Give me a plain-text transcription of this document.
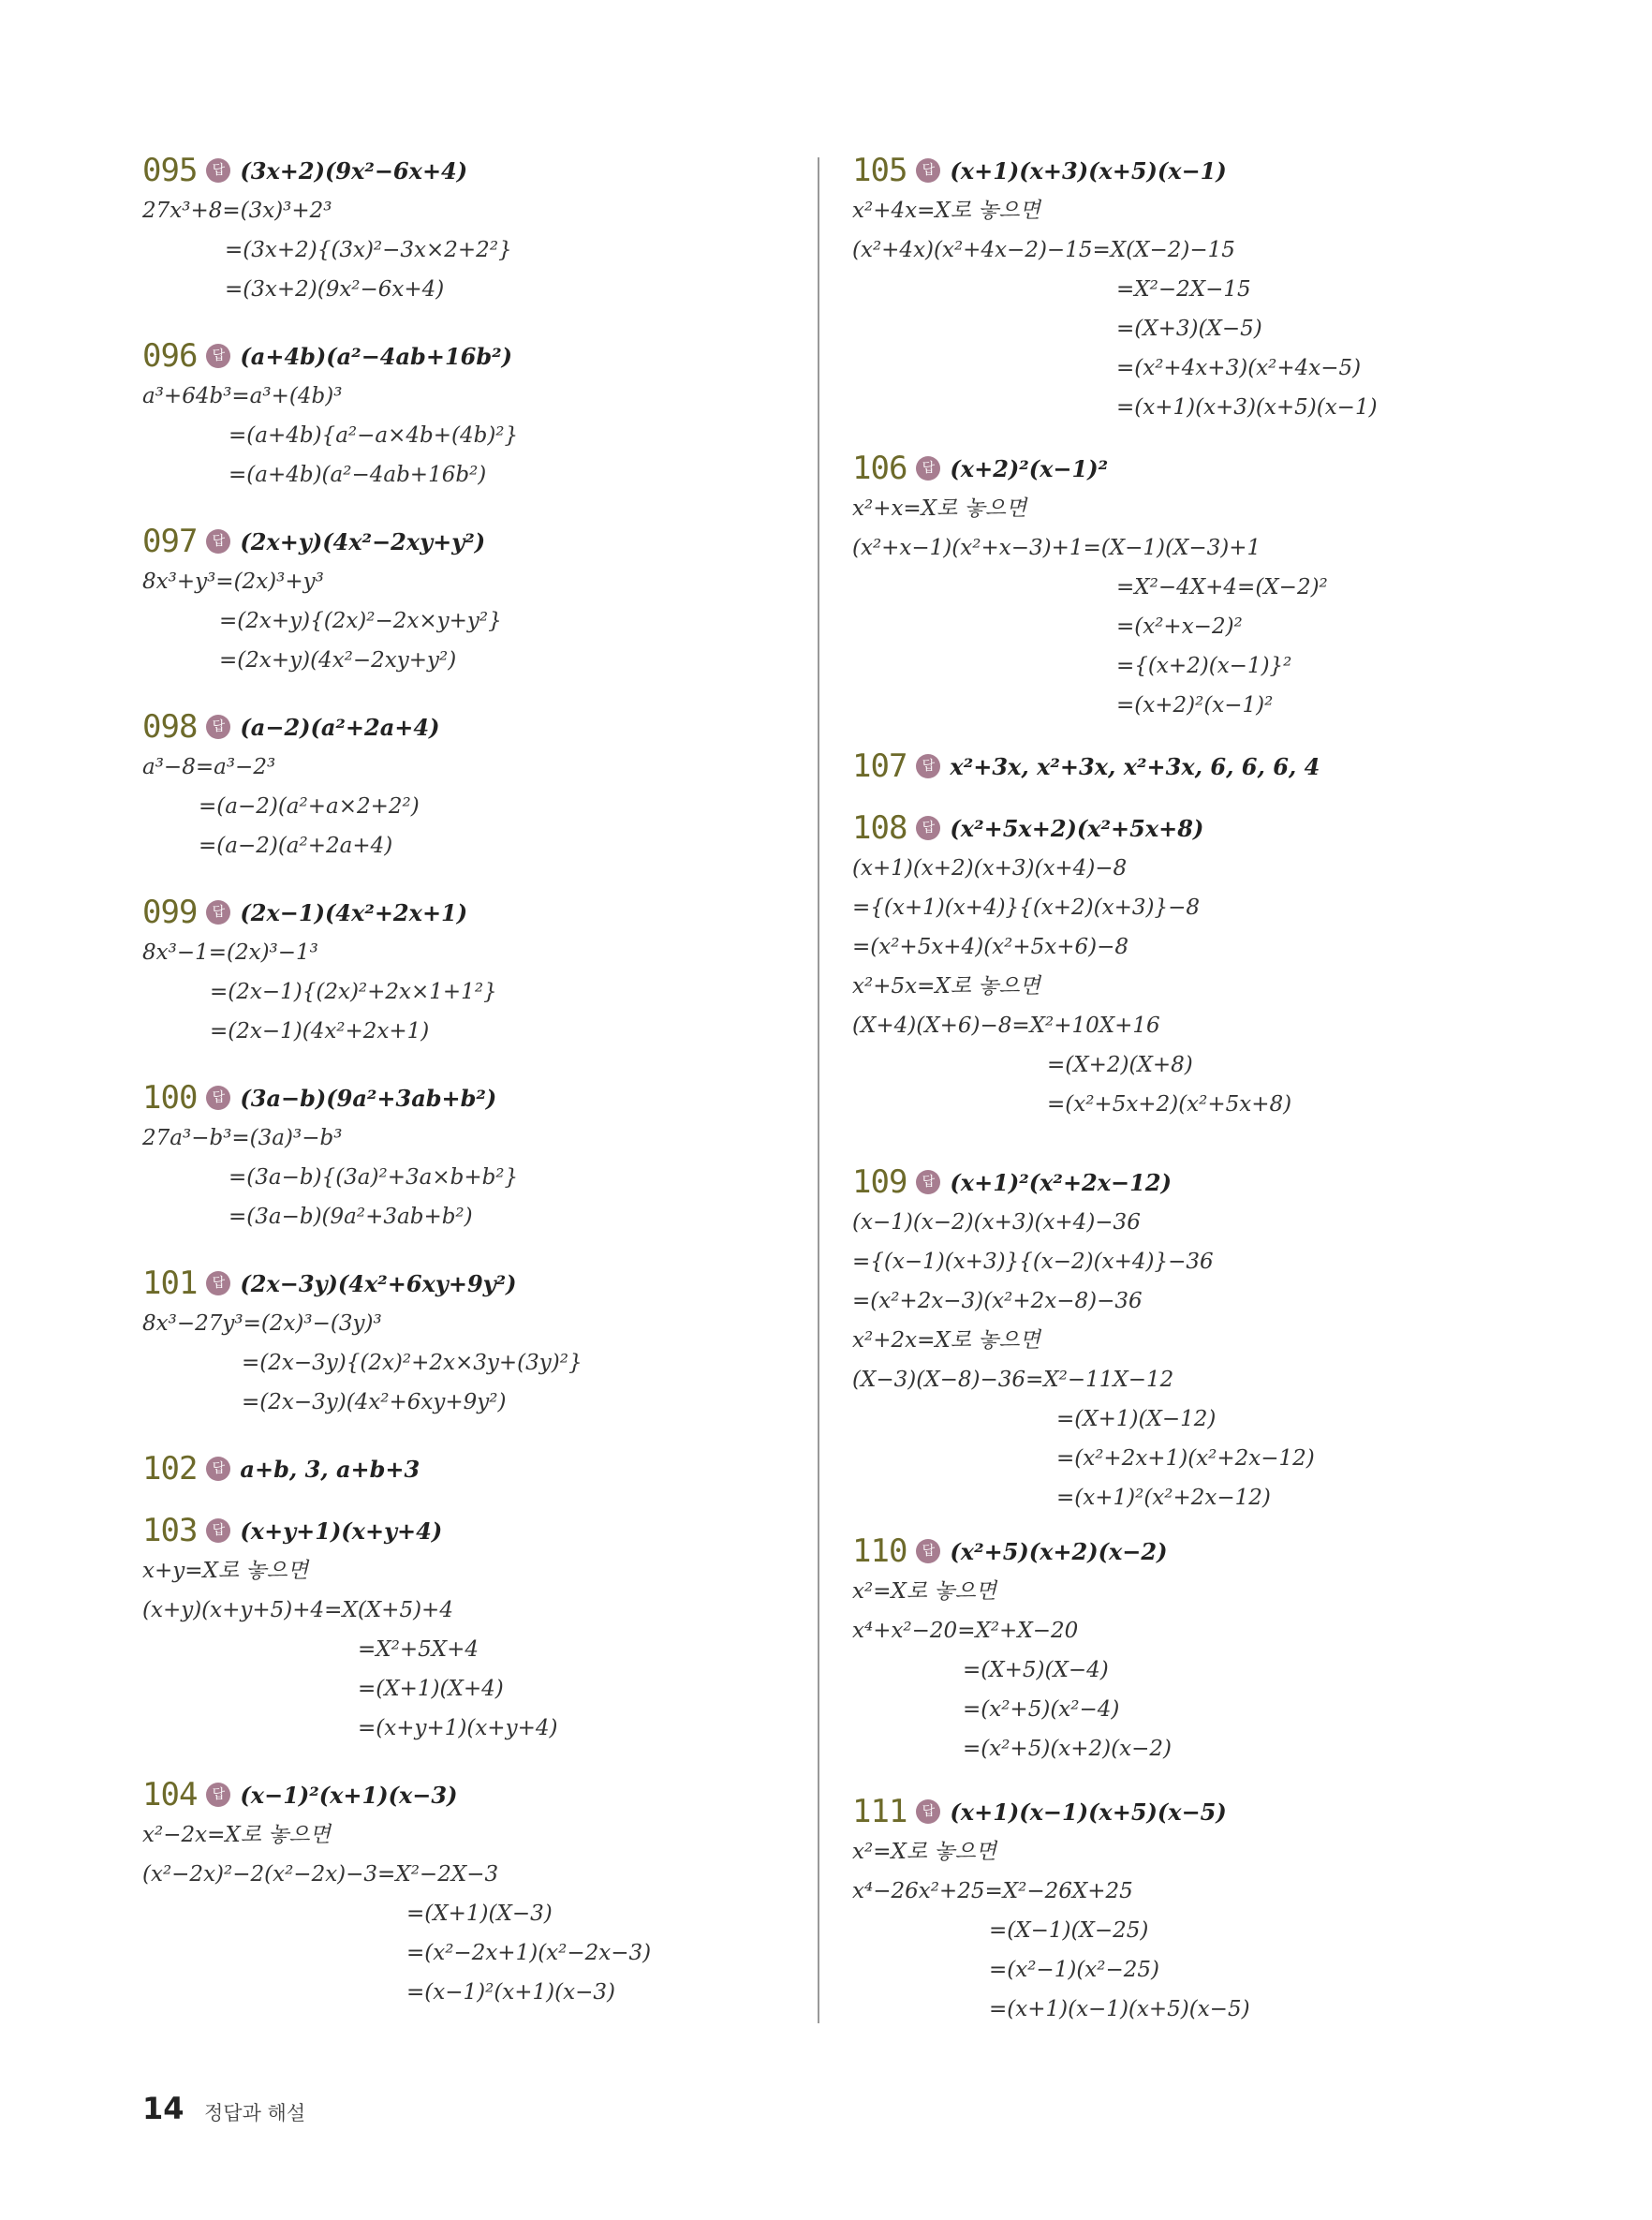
095	답 (3x+2)(9x²−6x+4)
27x³+8=(3x)³+2³
=(3x+2){(3x)²−3x×2+2²}
=(3x+2)(9x²−6x+4)
096	답 (a+4b)(a²−4ab+16b²)
a³+64b³=a³+(4b)³
=(a+4b){a²−a×4b+(4b)²}
=(a+4b)(a²−4ab+16b²)
097	답 (2x+y)(4x²−2xy+y²)
8x³+y³=(2x)³+y³
=(2x+y){(2x)²−2x×y+y²}
=(2x+y)(4x²−2xy+y²)
098	답 (a−2)(a²+2a+4)
a³−8=a³−2³
=(a−2)(a²+a×2+2²)
=(a−2)(a²+2a+4)
099	답 (2x−1)(4x²+2x+1)
8x³−1=(2x)³−1³
=(2x−1){(2x)²+2x×1+1²}
=(2x−1)(4x²+2x+1)
100	답 (3a−b)(9a²+3ab+b²)
27a³−b³=(3a)³−b³
=(3a−b){(3a)²+3a×b+b²}
=(3a−b)(9a²+3ab+b²)
101	답 (2x−3y)(4x²+6xy+9y²)
8x³−27y³=(2x)³−(3y)³
=(2x−3y){(2x)²+2x×3y+(3y)²}
=(2x−3y)(4x²+6xy+9y²)
102	답 a+b, 3, a+b+3
103	답 (x+y+1)(x+y+4)
x+y=X로 놓으면
(x+y)(x+y+5)+4=X(X+5)+4
=X²+5X+4
=(X+1)(X+4)
=(x+y+1)(x+y+4)
104	답 (x−1)²(x+1)(x−3)
x²−2x=X로 놓으면
(x²−2x)²−2(x²−2x)−3=X²−2X−3
=(X+1)(X−3)
=(x²−2x+1)(x²−2x−3)
=(x−1)²(x+1)(x−3)
105	답 (x+1)(x+3)(x+5)(x−1)
x²+4x=X로 놓으면
(x²+4x)(x²+4x−2)−15=X(X−2)−15
=X²−2X−15
=(X+3)(X−5)
=(x²+4x+3)(x²+4x−5)
=(x+1)(x+3)(x+5)(x−1)
106	답 (x+2)²(x−1)²
x²+x=X로 놓으면
(x²+x−1)(x²+x−3)+1=(X−1)(X−3)+1
=X²−4X+4=(X−2)²
=(x²+x−2)²
={(x+2)(x−1)}²
=(x+2)²(x−1)²
107	답 x²+3x, x²+3x, x²+3x, 6, 6, 6, 4
108	답 (x²+5x+2)(x²+5x+8)
(x+1)(x+2)(x+3)(x+4)−8
={(x+1)(x+4)}{(x+2)(x+3)}−8
=(x²+5x+4)(x²+5x+6)−8
x²+5x=X로 놓으면
(X+4)(X+6)−8=X²+10X+16
=(X+2)(X+8)
=(x²+5x+2)(x²+5x+8)
109	답 (x+1)²(x²+2x−12)
(x−1)(x−2)(x+3)(x+4)−36
={(x−1)(x+3)}{(x−2)(x+4)}−36
=(x²+2x−3)(x²+2x−8)−36
x²+2x=X로 놓으면
(X−3)(X−8)−36=X²−11X−12
=(X+1)(X−12)
=(x²+2x+1)(x²+2x−12)
=(x+1)²(x²+2x−12)
110	답 (x²+5)(x+2)(x−2)
x²=X로 놓으면
x⁴+x²−20=X²+X−20
=(X+5)(X−4)
=(x²+5)(x²−4)
=(x²+5)(x+2)(x−2)
111	답 (x+1)(x−1)(x+5)(x−5)
x²=X로 놓으면
x⁴−26x²+25=X²−26X+25
=(X−1)(X−25)
=(x²−1)(x²−25)
=(x+1)(x−1)(x+5)(x−5)
14 정답과 해설
